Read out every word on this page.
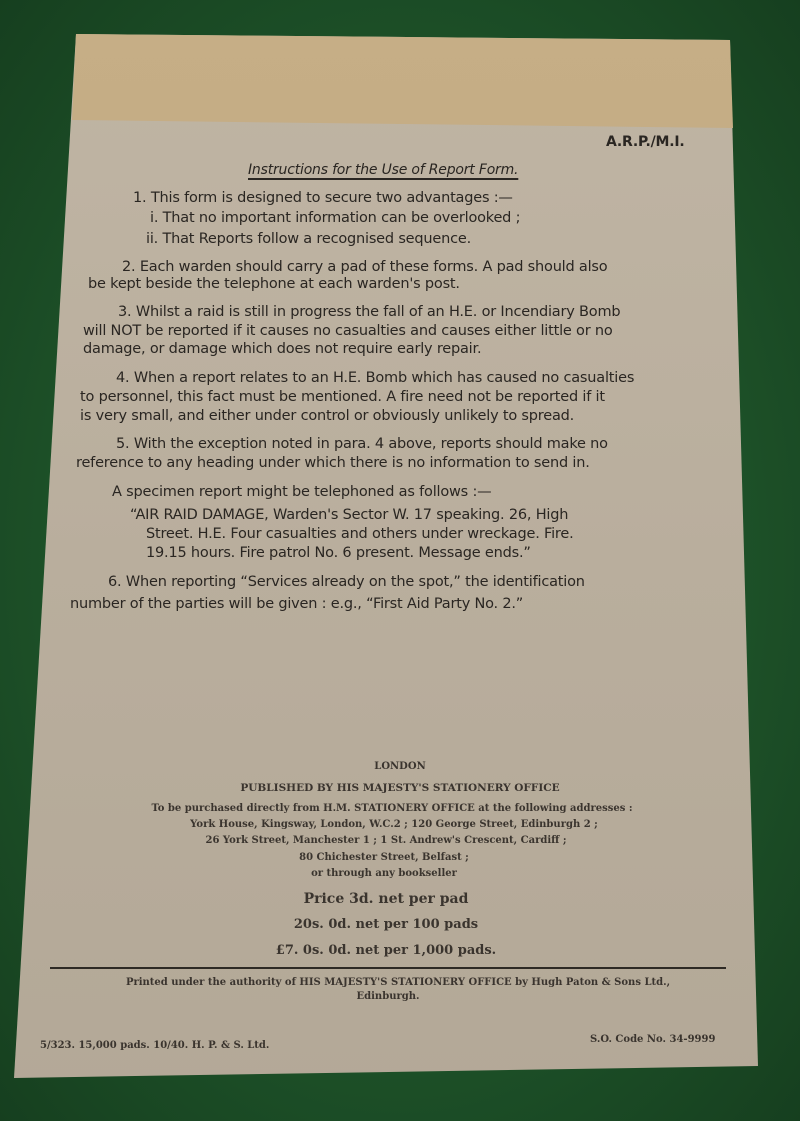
A.R.P./M.I.
Instructions for the Use of Report Form.
1. This form is designed to secure two advantages :—
i. That no important information can be overlooked ;
ii. That Reports follow a recognised sequence.
2. Each warden should carry a pad of these forms. A pad should also
be kept beside the telephone at each warden's post.
3. Whilst a raid is still in progress the fall of an H.E. or Incendiary Bomb
will NOT be reported if it causes no casualties and causes either little or no
damage, or damage which does not require early repair.
4. When a report relates to an H.E. Bomb which has caused no casualties
to personnel, this fact must be mentioned. A fire need not be reported if it
is very small, and either under control or obviously unlikely to spread.
5. With the exception noted in para. 4 above, reports should make no
reference to any heading under which there is no information to send in.
A specimen report might be telephoned as follows :—
“AIR RAID DAMAGE, Warden's Sector W. 17 speaking. 26, High
Street. H.E. Four casualties and others under wreckage. Fire.
19.15 hours. Fire patrol No. 6 present. Message ends.”
6. When reporting “Services already on the spot,” the identification
number of the parties will be given : e.g., “First Aid Party No. 2.”
LONDON
PUBLISHED BY HIS MAJESTY'S STATIONERY OFFICE
To be purchased directly from H.M. STATIONERY OFFICE at the following addresses :
York House, Kingsway, London, W.C.2 ; 120 George Street, Edinburgh 2 ;
26 York Street, Manchester 1 ; 1 St. Andrew's Crescent, Cardiff ;
80 Chichester Street, Belfast ;
or through any bookseller
Price 3d. net per pad
20s. 0d. net per 100 pads
£7. 0s. 0d. net per 1,000 pads.
Printed under the authority of HIS MAJESTY'S STATIONERY OFFICE by Hugh Paton & Sons Ltd.,
Edinburgh.
5/323. 15,000 pads. 10/40. H. P. & S. Ltd.
S.O. Code No. 34-9999
